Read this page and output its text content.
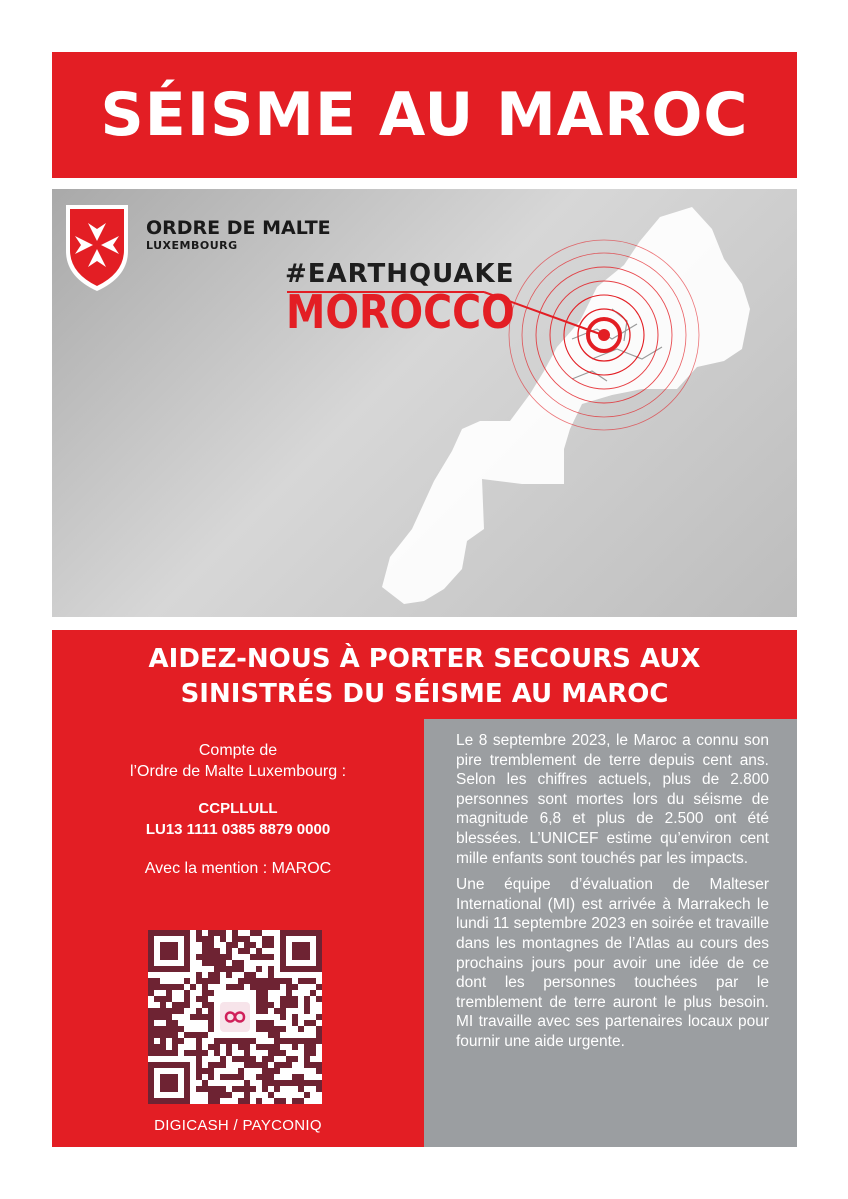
SÉISME AU MAROC
ORDRE DE MALTE
LUXEMBOURG
#EARTHQUAKE
MOROCCO
AIDEZ-NOUS À PORTER SECOURS AUX
SINISTRÉS DU SÉISME AU MAROC
Compte de
l’Ordre de Malte Luxembourg :
CCPLLULL
LU13 1111 0385 8879 0000
Avec la mention : MAROC
DIGICASH / PAYCONIQ

Le 8 septembre 2023, le Maroc a connu son pire tremblement de terre depuis cent ans. Selon les chiffres actuels, plus de 2.800 personnes sont mortes lors du séisme de magnitude 6,8 et plus de 2.500 ont été blessées. L’UNICEF estime qu’environ cent mille enfants sont touchés par les impacts.

Une équipe d’évaluation de Malteser International (MI) est arrivée à Marrakech le lundi 11 septembre 2023 en soirée et travaille dans les montagnes de l’Atlas au cours des prochains jours pour avoir une idée de ce dont les personnes touchées par le tremblement de terre auront le plus besoin. MI travaille avec ses partenaires locaux pour fournir une aide urgente.
